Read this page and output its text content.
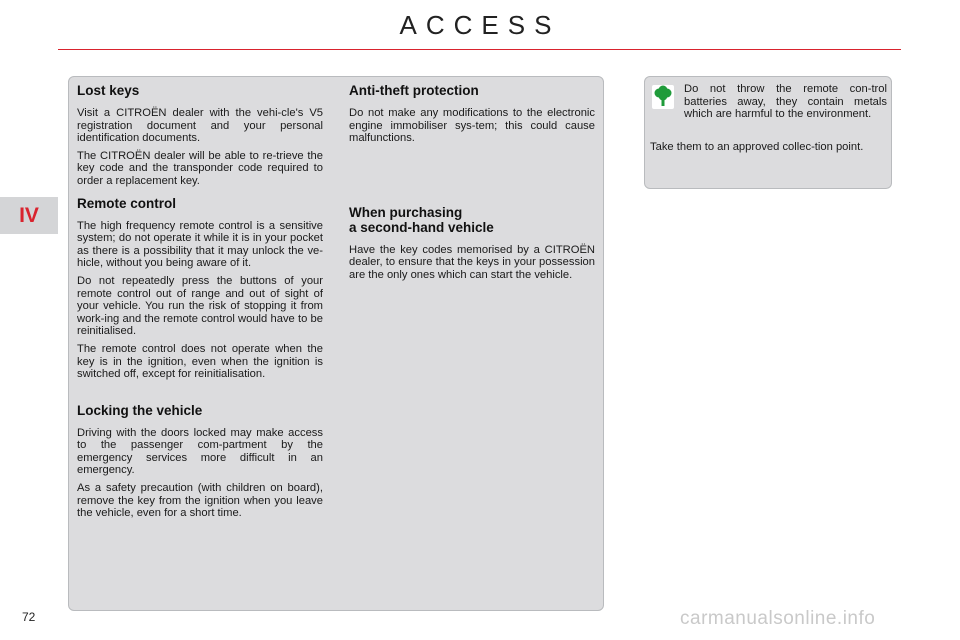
ACCESS
IV
Lost keys

Visit a CITROËN dealer with the vehi-cle's V5 registration document and your personal identification documents.

The CITROËN dealer will be able to re-trieve the key code and the transponder code required to order a replacement key.

Remote control

The high frequency remote control is a sensitive system; do not operate it while it is in your pocket as there is a possibility that it may unlock the ve-hicle, without you being aware of it.

Do not repeatedly press the buttons of your remote control out of range and out of sight of your vehicle. You run the risk of stopping it from work-ing and the remote control would have to be reinitialised.

The remote control does not operate when the key is in the ignition, even when the ignition is switched off, except for reinitialisation.

Locking the vehicle

Driving with the doors locked may make access to the passenger com-partment by the emergency services more difficult in an emergency.

As a safety precaution (with children on board), remove the key from the ignition when you leave the vehicle, even for a short time.

Anti-theft protection

Do not make any modifications to the electronic engine immobiliser sys-tem; this could cause malfunctions.

When purchasing
a second-hand vehicle

Have the key codes memorised by a CITROËN dealer, to ensure that the keys in your possession are the only ones which can start the vehicle.

Do not throw the remote con-trol batteries away, they contain metals which are harmful to the environment.

Take them to an approved collec-tion point.

72	carmanualsonline.info
